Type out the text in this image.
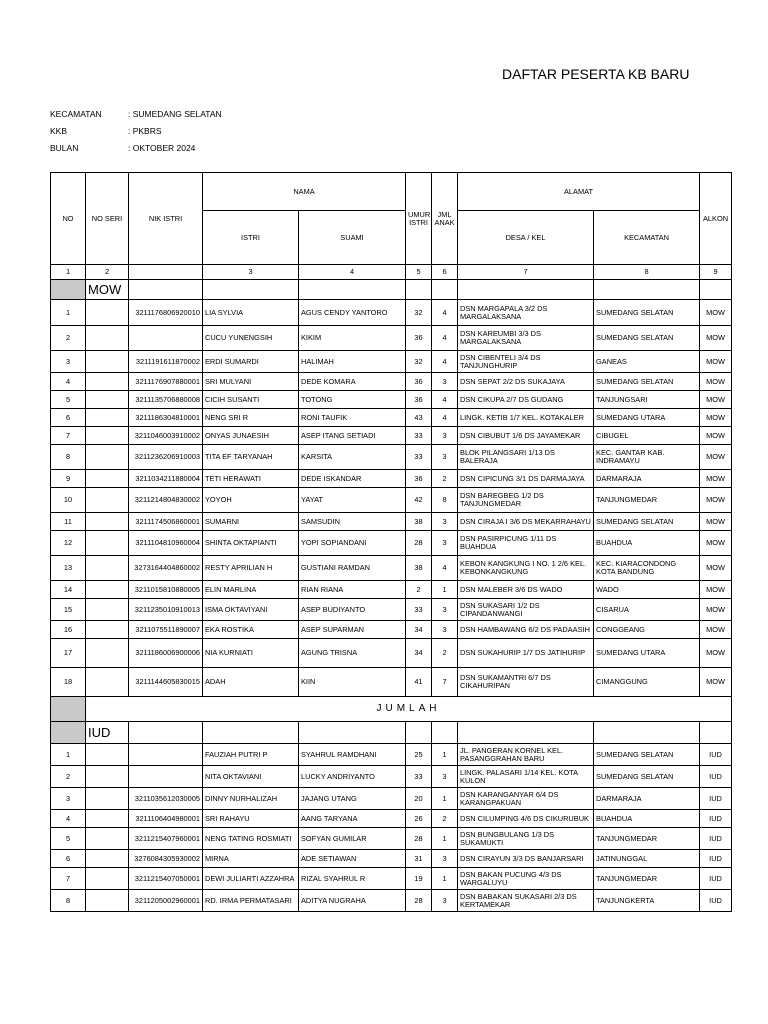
DAFTAR PESERTA KB BARU
KECAMATAN	: SUMEDANG SELATAN
KKB	: PKBRS
BULAN	: OKTOBER 2024
NO	NO SERI	NIK ISTRI	NAMA		UMUR ISTRI	JML ANAK	ALAMAT		ALKON
			ISTRI	SUAMI			DESA / KEL	KECAMATAN	
1	2		3	4	5	6	7	8	9
	MOW								
1		3211176806920010	LIA SYLVIA	AGUS CENDY YANTORO	32	4	DSN MARGAPALA 3/2 DS MARGALAKSANA	SUMEDANG SELATAN	MOW
2			CUCU YUNENGSIH	KIKIM	36	4	DSN KAREUMBI 3/3 DS MARGALAKSANA	SUMEDANG SELATAN	MOW
3		3211191611870002	ERDI SUMARDI	HALIMAH	32	4	DSN CIBENTELI 3/4 DS TANJUNGHURIP	GANEAS	MOW
4		3211176907880001	SRI MULYANI	DEDE KOMARA	36	3	DSN SEPAT 2/2 DS SUKAJAYA	SUMEDANG SELATAN	MOW
5		3211135706880008	CICIH SUSANTI	TOTONG	36	4	DSN CIKUPA 2/7 DS GUDANG	TANJUNGSARI	MOW
6		3211186304810001	NENG SRI R	RONI TAUFIK	43	4	LINGK. KETIB 1/7 KEL. KOTAKALER	SUMEDANG UTARA	MOW
7		3211046003910002	ONYAS JUNAESIH	ASEP ITANG SETIADI	33	3	DSN CIBUBUT 1/6 DS JAYAMEKAR	CIBUGEL	MOW
8		3211236206910003	TITA EF TARYANAH	KARSITA	33	3	BLOK PILANGSARI 1/13 DS BALERAJA	KEC. GANTAR KAB. INDRAMAYU	MOW
9		3211034211880004	TETI HERAWATI	DEDE ISKANDAR	36	2	DSN CIPICUNG 3/1 DS DARMAJAYA	DARMARAJA	MOW
10		3211214804830002	YOYOH	YAYAT	42	8	DSN BAREGBEG 1/2 DS TANJUNGMEDAR	TANJUNGMEDAR	MOW
11		3211174506860001	SUMARNI	SAMSUDIN	38	3	DSN CIRAJA I 3/6 DS MEKARRAHAYU	SUMEDANG SELATAN	MOW
12		3211104810960004	SHINTA OKTAPIANTI	YOPI SOPIANDANI	28	3	DSN PASIRPICUNG 1/11 DS BUAHDUA	BUAHDUA	MOW
13		3273164404860002	RESTY APRILIAN H	GUSTIANI RAMDAN	38	4	KEBON KANGKUNG I NO. 1 2/6 KEL. KEBONKANGKUNG	KEC. KIARACONDONG KOTA BANDUNG	MOW
14		3211015810880005	ELIN MARLINA	RIAN RIANA	2	1	DSN MALEBER 3/6 DS WADO	WADO	MOW
15		3211235010910013	ISMA OKTAVIYANI	ASEP BUDIYANTO	33	3	DSN SUKASARI 1/2 DS CIPANDANWANGI	CISARUA	MOW
16		3211075511890007	EKA ROSTIKA	ASEP SUPARMAN	34	3	DSN HAMBAWANG 6/2 DS PADAASIH	CONGGEANG	MOW
17		3211186006900006	NIA KURNIATI	AGUNG TRISNA	34	2	DSN SUKAHURIP 1/7 DS JATIHURIP	SUMEDANG UTARA	MOW
18		3211144605830015	ADAH	KIIN	41	7	DSN SUKAMANTRI 6/7 DS CIKAHURIPAN	CIMANGGUNG	MOW
	JUMLAH								
	IUD								
1			FAUZIAH PUTRI P	SYAHRUL RAMDHANI	25	1	JL. PANGERAN KORNEL KEL. PASANGGRAHAN BARU	SUMEDANG SELATAN	IUD
2			NITA OKTAVIANI	LUCKY ANDRIYANTO	33	3	LINGK. PALASARI 1/14 KEL. KOTA KULON	SUMEDANG SELATAN	IUD
3		3211035612030005	DINNY NURHALIZAH	JAJANG UTANG	20	1	DSN KARANGANYAR 6/4 DS KARANGPAKUAN	DARMARAJA	IUD
4		3211106404980001	SRI RAHAYU	AANG TARYANA	26	2	DSN CILUMPING 4/6 DS CIKURUBUK	BUAHDUA	IUD
5		3211215407960001	NENG TATING ROSMIATI	SOFYAN GUMILAR	28	1	DSN BUNGBULANG 1/3 DS SUKAMUKTI	TANJUNGMEDAR	IUD
6		3276084305930002	MIRNA	ADE SETIAWAN	31	3	DSN CIRAYUN 3/3 DS BANJARSARI	JATINUNGGAL	IUD
7		3211215407050001	DEWI JULIARTI AZZAHRA	RIZAL SYAHRUL R	19	1	DSN BAKAN PUCUNG 4/3 DS WARGALUYU	TANJUNGMEDAR	IUD
8		3211205002960001	RD. IRMA PERMATASARI	ADITYA NUGRAHA	28	3	DSN BABAKAN SUKASARI 2/3 DS KERTAMEKAR	TANJUNGKERTA	IUD
